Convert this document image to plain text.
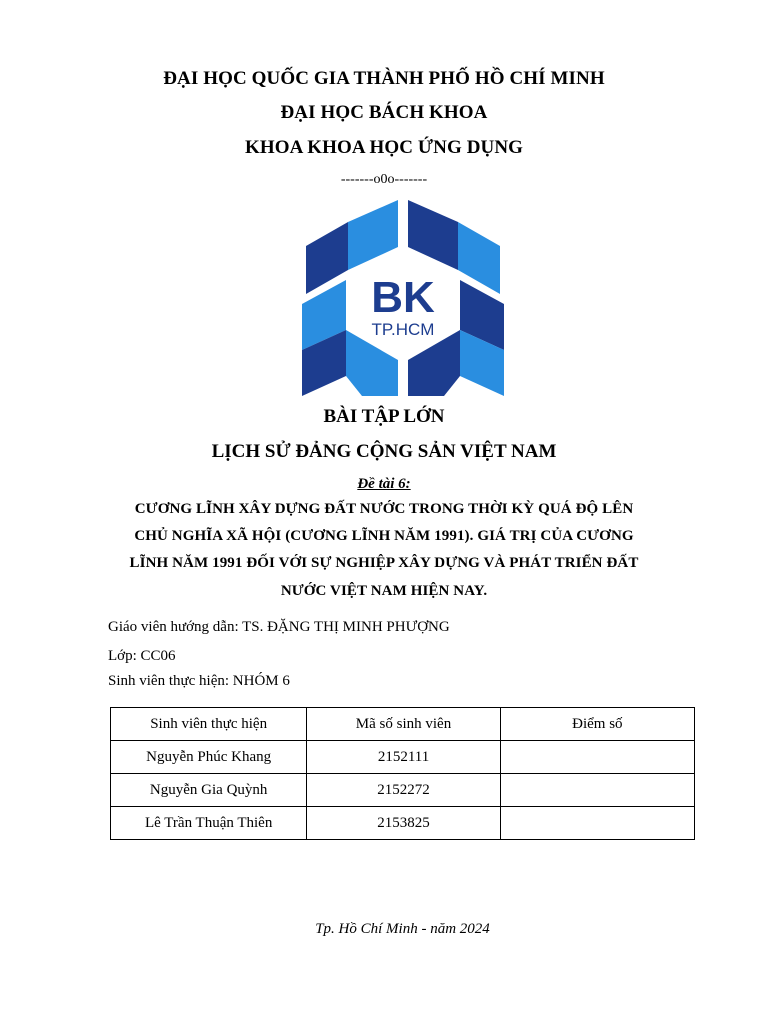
ĐẠI HỌC QUỐC GIA THÀNH PHỐ HỒ CHÍ MINH
ĐẠI HỌC BÁCH KHOA
KHOA KHOA HỌC ỨNG DỤNG
-------o0o-------
BK
TP.HCM
BÀI TẬP LỚN
LỊCH SỬ ĐẢNG CỘNG SẢN VIỆT NAM
Đề tài 6:
CƯƠNG LĨNH XÂY DỰNG ĐẤT NƯỚC TRONG THỜI KỲ QUÁ ĐỘ LÊN
CHỦ NGHĨA XÃ HỘI (CƯƠNG LĨNH NĂM 1991). GIÁ TRỊ CỦA CƯƠNG
LĨNH NĂM 1991 ĐỐI VỚI SỰ NGHIỆP XÂY DỰNG VÀ PHÁT TRIỂN ĐẤT
NƯỚC VIỆT NAM HIỆN NAY.
Giáo viên hướng dẫn: TS. ĐẶNG THỊ MINH PHƯỢNG
Lớp: CC06
Sinh viên thực hiện: NHÓM 6
Sinh viên thực hiện	Mã số sinh viên	Điểm số
Nguyễn Phúc Khang	2152111	
Nguyễn Gia Quỳnh	2152272	
Lê Trần Thuận Thiên	2153825	
Tp. Hồ Chí Minh - năm 2024
